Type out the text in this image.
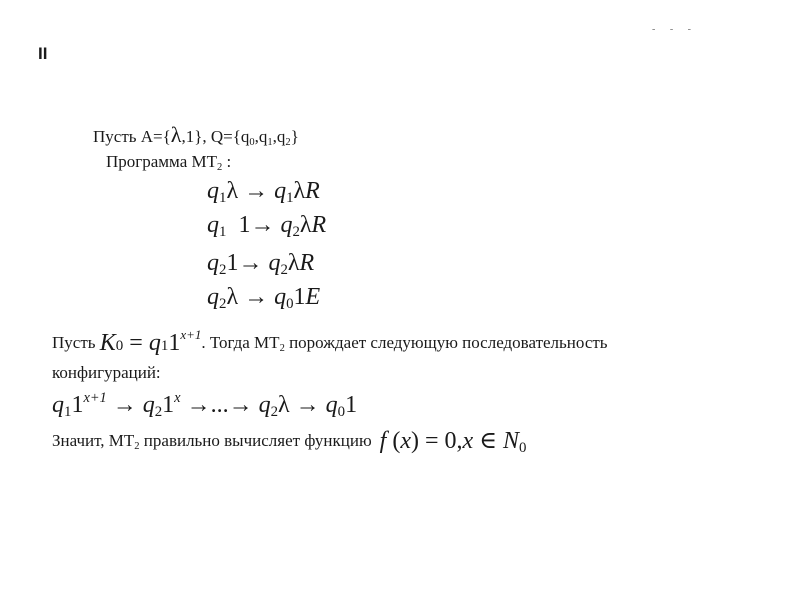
II
- - -
Пусть A={λ,1}, $Q=\{q_0,q_1,q_2\}$
Программа $MT_2$ :
$q_1\lambda \to q_1\lambda R$
$q_1$  $1\to q_2\lambda R$
$q_21\to q_2\lambda R$
$q_2\lambda \to q_01E$
Пусть $K_0 = q_11^{x+1}$. Тогда $MT_2$ порождает следующую последовательность
конфигураций:
$q_11^{x+1} \to q_21^x$ →...→ $q_2\lambda \to q_01$
Значит, $MT_2$ правильно вычисляет функцию f (x) = 0,x ∈ $N_0$
